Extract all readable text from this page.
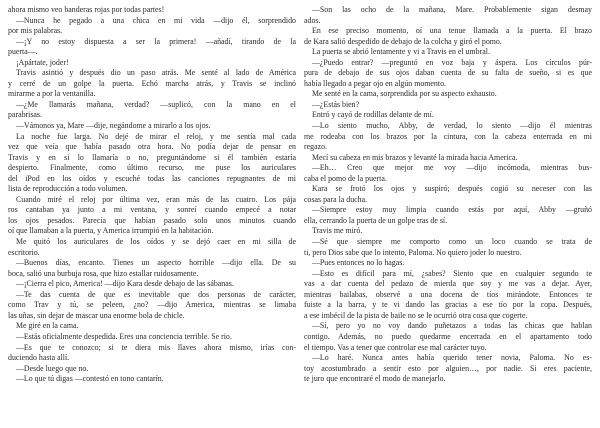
ahora mismo veo banderas rojas por todas partes!

—Nunca he pegado a una chica en mi vida —dijo él, sorprendido

por mis palabras.

—¡Y no estoy dispuesta a ser la primera! —añadí, tirando de la

puerta—.

¡Apártate, joder!

Travis asintió y después dio un paso atrás. Me senté al lado de América

y cerré de un golpe la puerta. Echó marcha atrás, y Travis se inclinó

mirarme a por la ventanilla.

—¿Me llamarás mañana, verdad? —suplicó, con la mano en el

parabrisas.

—Vámonos ya, Mare —dije, negándome a mirarlo a los ojos.

La noche fue larga. No dejé de mirar el reloj, y me sentía mal cada

vez que veía que había pasado otra hora. No podía dejar de pensar en

Travis y en si lo llamaría o no, preguntándome si él también estaría

despierto. Finalmente, como último recurso, me puse los auriculares

del iPod en los oídos y escuché todas las canciones repugnantes de mi

lista de reproducción a todo volumen.

Cuando miré el reloj por última vez, eran más de las cuatro. Los pája

ros cantaban ya junto a mi ventana, y sonreí cuando empecé a notar

los ojos pesados. Parecía que habían pasado solo unos minutos cuando

oí que llamaban a la puerta, y America irrumpió en la habitación.

Me quitó los auriculares de los oídos y se dejó caer en mi silla de

escritorio.

—Buenos días, encanto. Tienes un aspecto horrible —dijo ella. De su

boca, salió una burbuja rosa, que hizo estallar ruidosamente.

—¡Cierra el pico, America! —dijo Kara desde debajo de las sábanas.

—Te das cuenta de que es inevitable que dos personas de carácter,

como Trav y tú, se peleen, ¿no? —dijo America, mientras se limaba

las uñas, sin dejar de mascar una enorme bola de chicle.

Me giré en la cama.

—Estás oficialmente despedida. Eres una conciencia terrible. Se rio.

—Es que te conozco; si te diera mis llaves ahora mismo, irías con-

duciendo hasta allí.

—Desde luego que no.

—Lo que tú digas —contestó en tono cantarín.

—Son las ocho de la mañana, Mare. Probablemente sigan desmay

ados.

En ese preciso momento, oí una tenue llamada a la puerta. El brazo

de Kara salió despedido de debajo de la colcha y giró el pomo.

La puerta se abrió lentamente y vi a Travis en el umbral.

—¿Puedo entrar? —preguntó en voz baja y áspera. Los círculos púr-

pura de debajo de sus ojos daban cuenta de su falta de sueño, si es que

había llegado a pegar ojo en algún momento.

Me senté en la cama, sorprendida por su aspecto exhausto.

—¿Estás bien?

Entró y cayó de rodillas delante de mí.

—Lo siento mucho, Abby, de verdad, lo siento —dijo él mientras

me rodeaba con los brazos por la cintura, con la cabeza enterrada en mi

regazo.

Mecí su cabeza en mis brazos y levanté la mirada hacia America.

—Eh… Creo que mejor me voy —dijo incómoda, mientras bus-

caba el pomo de la puerta.

Kara se frotó los ojos y suspiró; después cogió su neceser con las

cosas para la ducha.

—Siempre estoy muy limpia cuando estás por aquí, Abby —gruñó

ella, cerrando la puerta de un golpe tras de sí.

Travis me miró.

—Sé que siempre me comporto como un loco cuando se trata de

ti, pero Dios sabe que lo intento, Paloma. No quiero joder lo nuestro.

—Pues entonces no lo hagas.

—Esto es difícil para mí, ¿sabes? Siento que en cualquier segundo te

vas a dar cuenta del pedazo de mierda que soy y me vas a dejar. Ayer,

mientras bailabas, observé a una docena de tíos mirándote. Entonces te

fuiste a la barra, y te vi dando las gracias a ese tío por la copa. Después,

a ese imbécil de la pista de baile no se le ocurrió otra cosa que cogerte.

—Sí, pero yo no voy dando puñetazos a todas las chicas que hablan

contigo. Además, no puedo quedarme encerrada en el apartamento todo

el tiempo. Vas a tener que controlar ese mal carácter tuyo.

—Lo haré. Nunca antes había querido tener novia, Paloma. No es-

toy acostumbrado a sentir esto por alguien…, por nadie. Si eres paciente,

te juro que encontraré el modo de manejarlo.
